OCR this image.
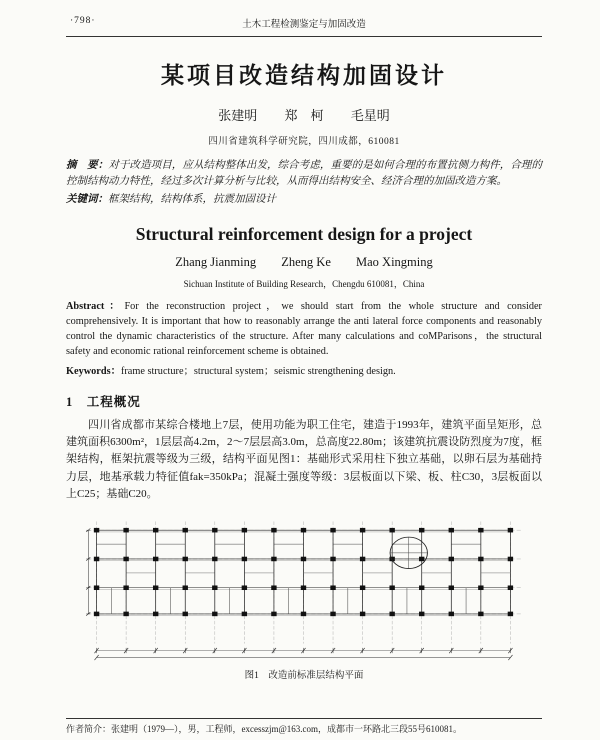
·798·	土木工程检测鉴定与加固改造
某项目改造结构加固设计
张建明 郑　柯 毛星明
四川省建筑科学研究院，四川成都，610081
摘　要：对于改造项目，应从结构整体出发，综合考虑，重要的是如何合理的布置抗侧力构件，合理的控制结构动力特性，经过多次计算分析与比较，从而得出结构安全、经济合理的加固改造方案。
关键词：框架结构，结构体系，抗震加固设计
Structural reinforcement design for a project
Zhang Jianming Zheng Ke Mao Xingming
Sichuan Institute of Building Research，Chengdu 610081，China
Abstract：For the reconstruction project，we should start from the whole structure and consider comprehensively. It is important that how to reasonably arrange the anti lateral force components and reasonably control the dynamic characteristics of the structure. After many calculations and coMParisons，the structural safety and economic rational reinforcement scheme is obtained.
Keywords：frame structure；structural system；seismic strengthening design.
1　工程概况

四川省成都市某综合楼地上7层，使用功能为职工住宅，建造于1993年，建筑平面呈矩形，总建筑面积6300m²，1层层高4.2m，2～7层层高3.0m，总高度22.80m；该建筑抗震设防烈度为7度，框架结构，框架抗震等级为三级，结构平面见图1：基础形式采用柱下独立基础，以卵石层为基础持力层，地基承载力特征值fak=350kPa；混凝土强度等级：3层板面以下梁、板、柱C30，3层板面以上C25；基础C20。

图1　改造前标准层结构平面
作者简介：张建明（1979—），男，工程师，excesszjm@163.com，成都市一环路北三段55号610081。
